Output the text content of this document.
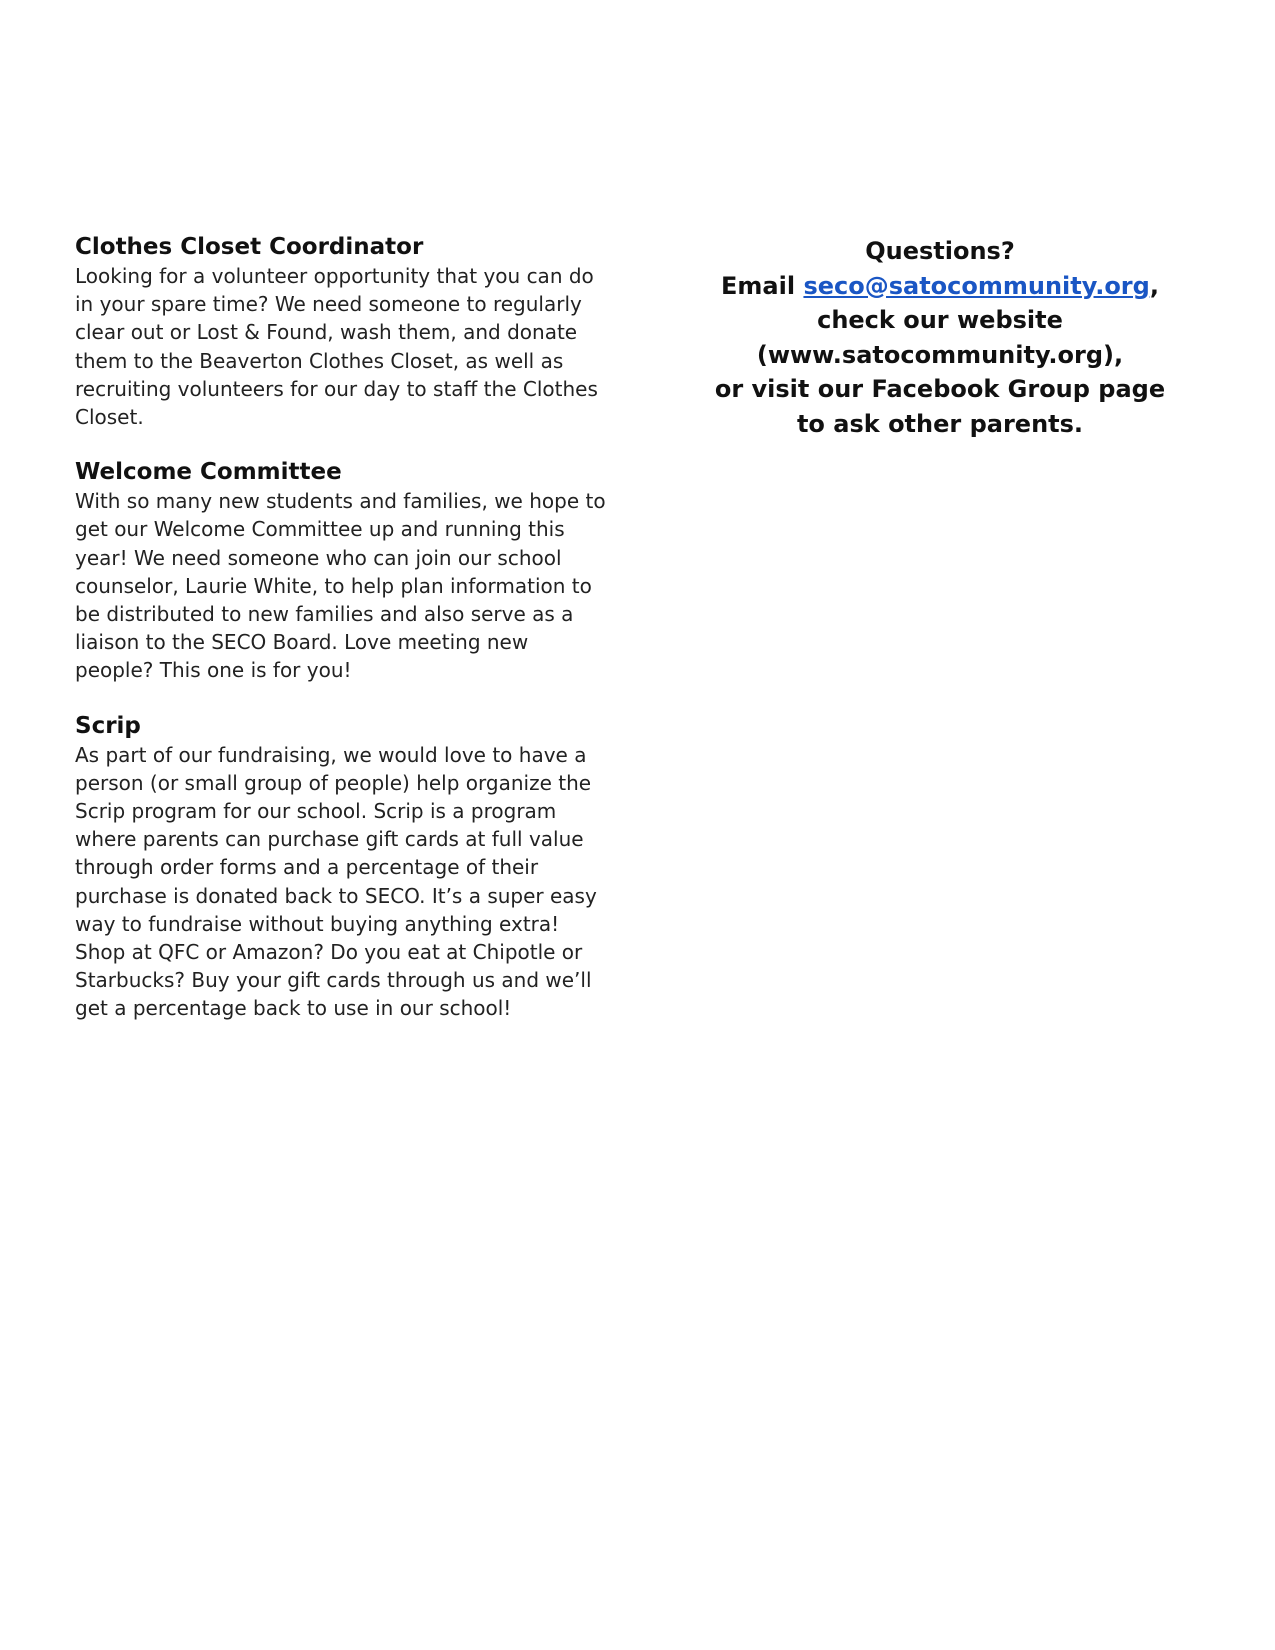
Clothes Closet Coordinator

Looking for a volunteer opportunity that you can do in your spare time? We need someone to regularly clear out or Lost & Found, wash them, and donate them to the Beaverton Clothes Closet, as well as recruiting volunteers for our day to staff the Clothes Closet.

Welcome Committee

With so many new students and families, we hope to get our Welcome Committee up and running this year! We need someone who can join our school counselor, Laurie White, to help plan information to be distributed to new families and also serve as a liaison to the SECO Board. Love meeting new people? This one is for you!

Scrip

As part of our fundraising, we would love to have a person (or small group of people) help organize the Scrip program for our school. Scrip is a program where parents can purchase gift cards at full value through order forms and a percentage of their purchase is donated back to SECO. It’s a super easy way to fundraise without buying anything extra! Shop at QFC or Amazon? Do you eat at Chipotle or Starbucks? Buy your gift cards through us and we’ll get a percentage back to use in our school!

Questions?
Email seco@satocommunity.org,
check our website
(www.satocommunity.org),
or visit our Facebook Group page
to ask other parents.
